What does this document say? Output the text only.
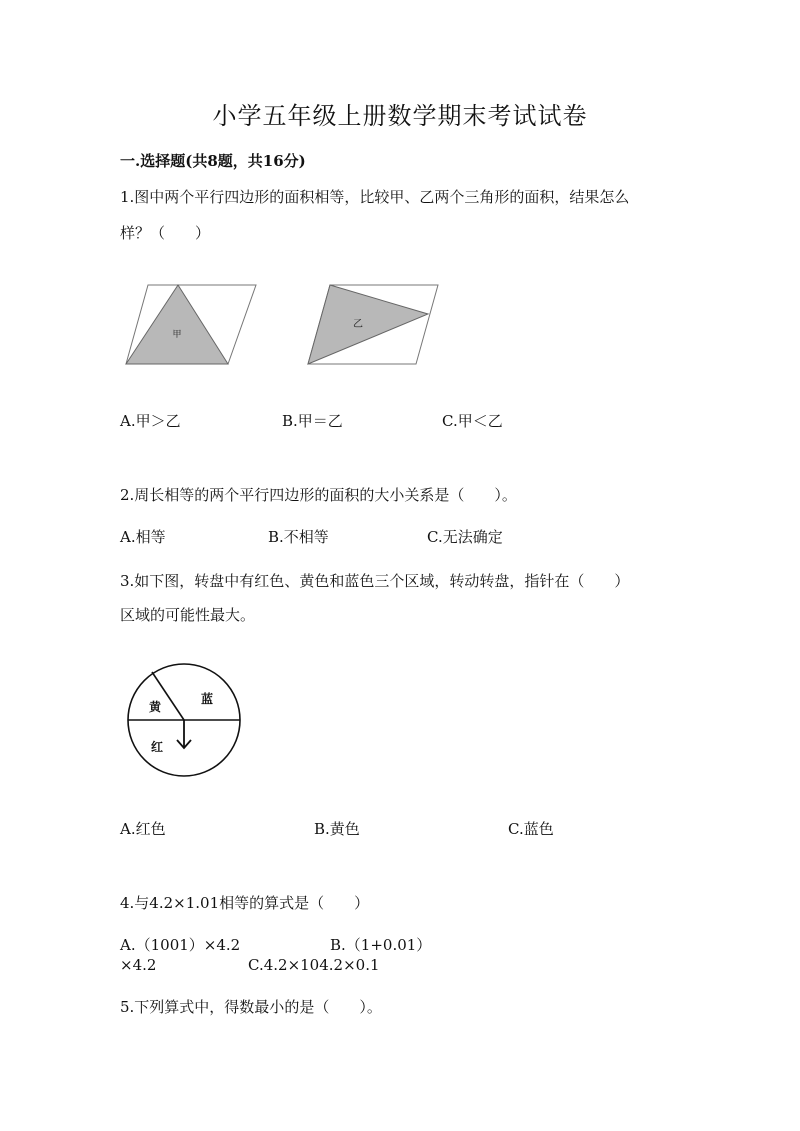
小学五年级上册数学期末考试试卷
一.选择题(共8题，共16分)
1.图中两个平行四边形的面积相等，比较甲、乙两个三角形的面积，结果怎么
样？（　　）
甲
乙
A.甲＞乙	B.甲＝乙	C.甲＜乙
2.周长相等的两个平行四边形的面积的大小关系是（　　）。
A.相等	B.不相等	C.无法确定
3.如下图，转盘中有红色、黄色和蓝色三个区域，转动转盘，指针在（　　）
区域的可能性最大。
黄
蓝
红
A.红色	B.黄色	C.蓝色
4.与4.2×1.01相等的算式是（　　）
A.（1001）×4.2	B.（1+0.01）
×4.2	C.4.2×104.2×0.1
5.下列算式中，得数最小的是（　　）。
